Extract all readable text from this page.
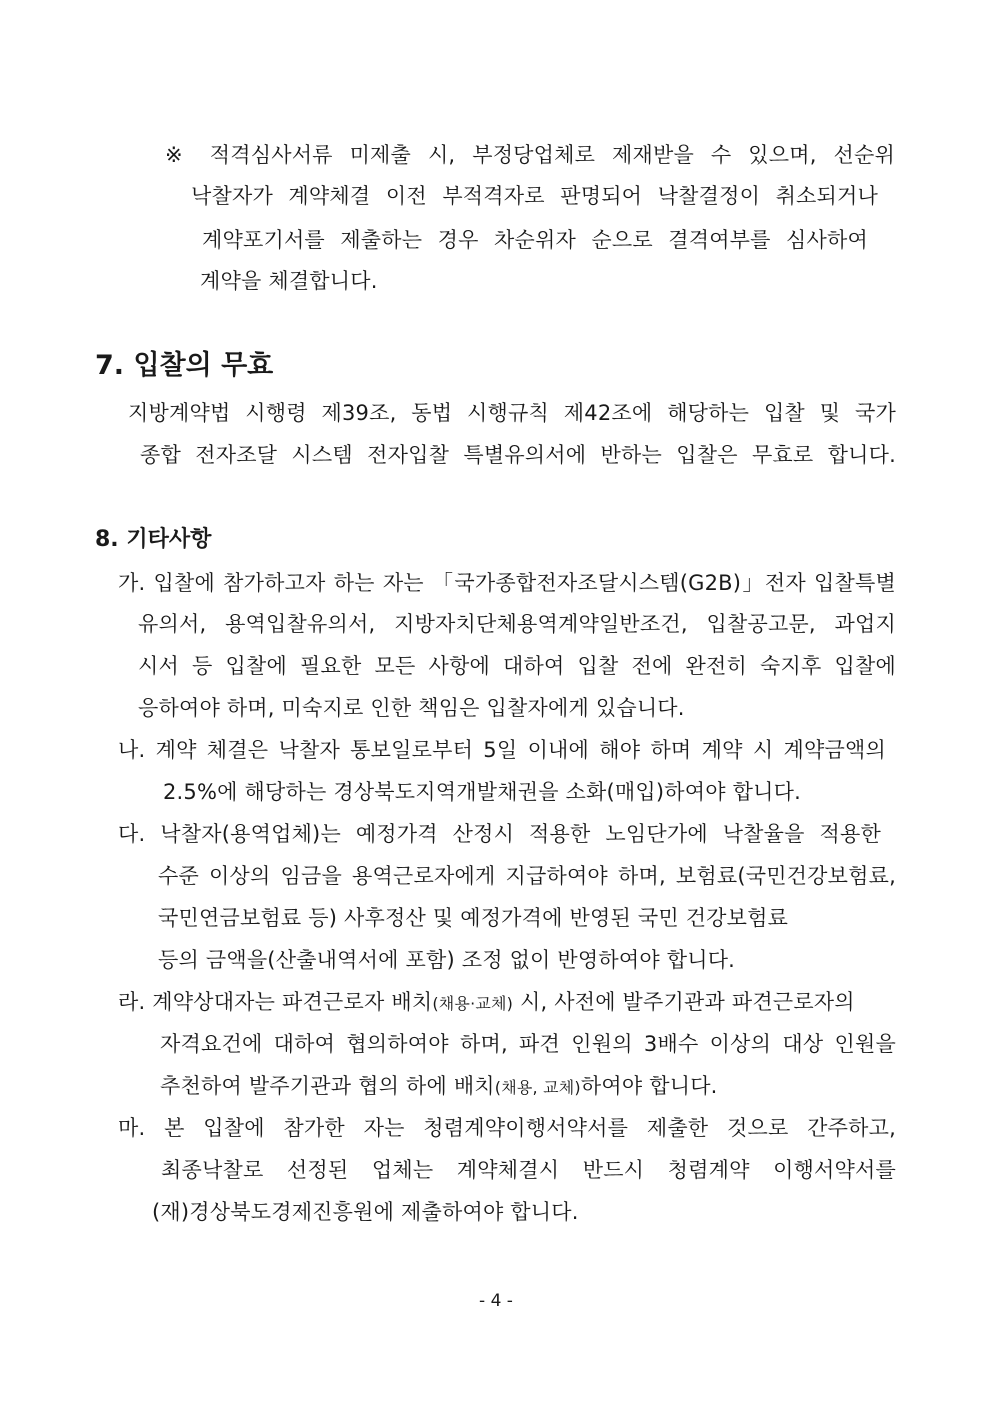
※ 적격심사서류 미제출 시, 부정당업체로 제재받을 수 있으며, 선순위
낙찰자가 계약체결 이전 부적격자로 판명되어 낙찰결정이 취소되거나
계약포기서를 제출하는 경우 차순위자 순으로 결격여부를 심사하여
계약을 체결합니다.
7. 입찰의 무효
지방계약법 시행령 제39조, 동법 시행규칙 제42조에 해당하는 입찰 및 국가
종합 전자조달 시스템 전자입찰 특별유의서에 반하는 입찰은 무효로 합니다.
8. 기타사항
가. 입찰에 참가하고자 하는 자는 「국가종합전자조달시스템(G2B)」전자 입찰특별
유의서, 용역입찰유의서, 지방자치단체용역계약일반조건, 입찰공고문, 과업지
시서 등 입찰에 필요한 모든 사항에 대하여 입찰 전에 완전히 숙지후 입찰에
응하여야 하며, 미숙지로 인한 책임은 입찰자에게 있습니다.
나. 계약 체결은 낙찰자 통보일로부터 5일 이내에 해야 하며 계약 시 계약금액의
2.5%에 해당하는 경상북도지역개발채권을 소화(매입)하여야 합니다.
다. 낙찰자(용역업체)는 예정가격 산정시 적용한 노임단가에 낙찰율을 적용한
수준 이상의 임금을 용역근로자에게 지급하여야 하며, 보험료(국민건강보험료,
국민연금보험료 등) 사후정산 및 예정가격에 반영된 국민 건강보험료
등의 금액을(산출내역서에 포함) 조정 없이 반영하여야 합니다.
라. 계약상대자는 파견근로자 배치(채용·교체) 시, 사전에 발주기관과 파견근로자의
자격요건에 대하여 협의하여야 하며, 파견 인원의 3배수 이상의 대상 인원을
추천하여 발주기관과 협의 하에 배치(채용, 교체)하여야 합니다.
마. 본 입찰에 참가한 자는 청렴계약이행서약서를 제출한 것으로 간주하고,
최종낙찰로 선정된 업체는 계약체결시 반드시 청렴계약 이행서약서를
(재)경상북도경제진흥원에 제출하여야 합니다.
- 4 -
